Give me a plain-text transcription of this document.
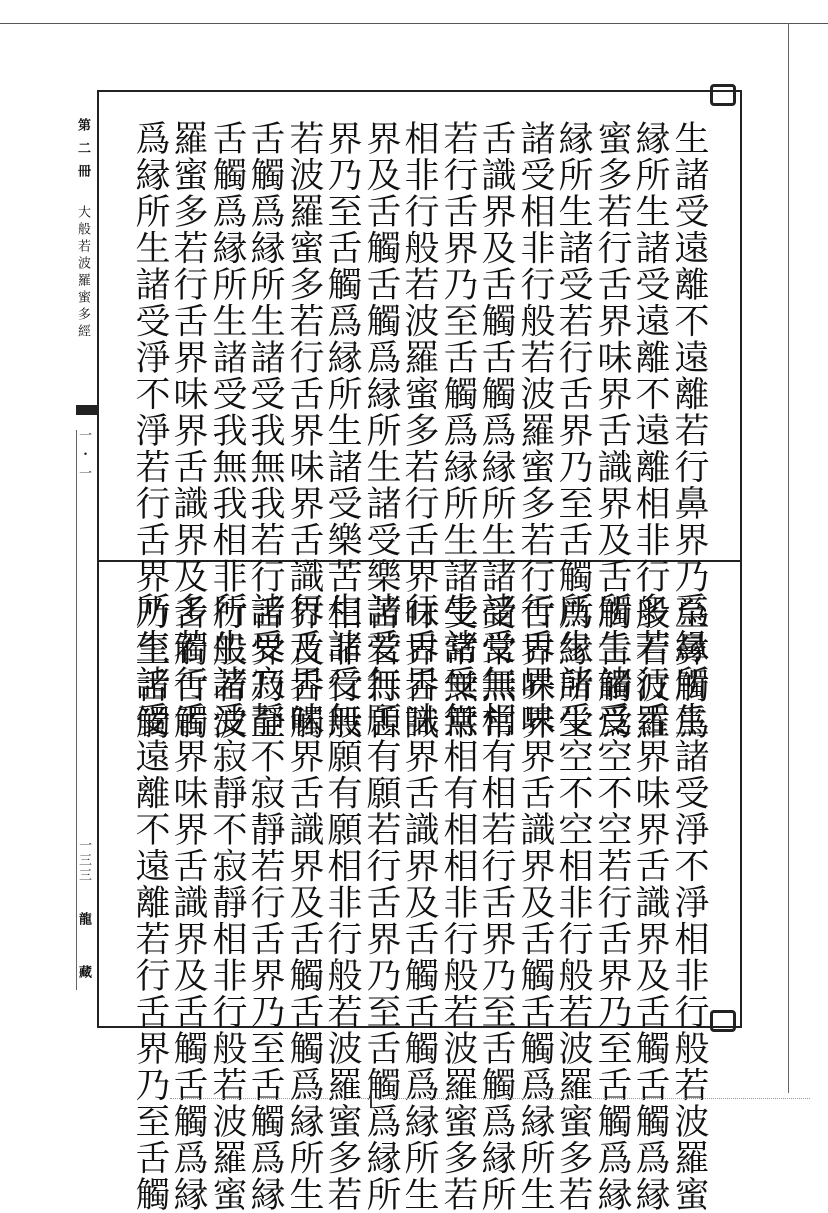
第二冊
大般若波羅蜜多經
一・一
一三三
龍藏
生諸受遠離不遠離若行鼻界乃至鼻觸爲
縁所生諸受遠離不遠離相非行般若波羅
蜜多若行舌界味界舌識界及舌觸舌觸爲
縁所生諸受若行舌界乃至舌觸爲縁所生
諸受相非行般若波羅蜜多若行舌界味界
舌識界及舌觸舌觸爲縁所生諸受常無常
若行舌界乃至舌觸爲縁所生諸受常無常
相非行般若波羅蜜多若行舌界味界舌識
界及舌觸舌觸爲縁所生諸受樂苦若行舌
界乃至舌觸爲縁所生諸受樂苦相非行般
若波羅蜜多若行舌界味界舌識界及舌觸
舌觸爲縁所生諸受我無我若行舌界乃至
舌觸爲縁所生諸受我無我相非行般若波
羅蜜多若行舌界味界舌識界及舌觸舌觸
爲縁所生諸受淨不淨若行舌界乃至舌觸
爲縁所生諸受淨不淨相非行般若波羅蜜
多若行舌界味界舌識界及舌觸舌觸爲縁
所生諸受空不空若行舌界乃至舌觸爲縁
所生諸受空不空相非行般若波羅蜜多若
行舌界味界舌識界及舌觸舌觸爲縁所生
諸受無相有相若行舌界乃至舌觸爲縁所
生諸受無相有相相非行般若波羅蜜多若
行舌界味界舌識界及舌觸舌觸爲縁所生
諸受無願有願若行舌界乃至舌觸爲縁所
生諸受無願有願相非行般若波羅蜜多若
行舌界味界舌識界及舌觸舌觸爲縁所生
諸受寂靜不寂靜若行舌界乃至舌觸爲縁
所生諸受寂靜不寂靜相非行般若波羅蜜
多若行舌界味界舌識界及舌觸舌觸爲縁
所生諸受遠離不遠離若行舌界乃至舌觸
